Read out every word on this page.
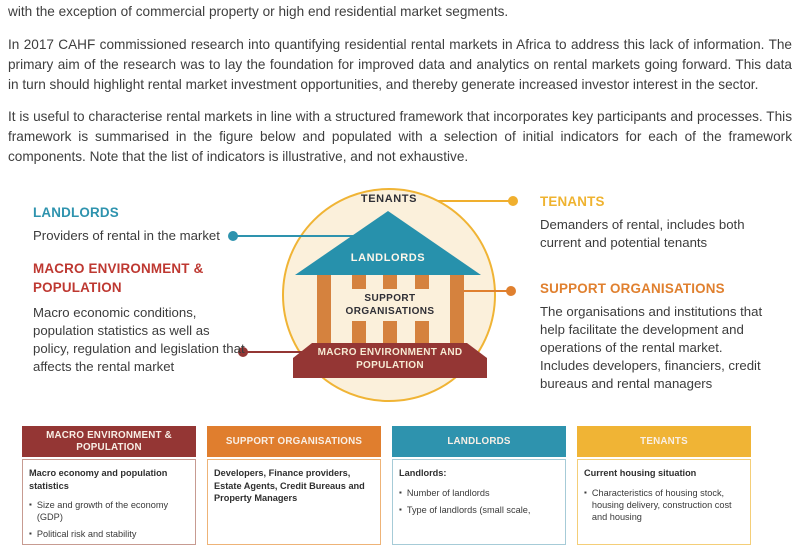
with the exception of commercial property or high end residential market segments.

In 2017 CAHF commissioned research into quantifying residential rental markets in Africa to address this lack of information. The primary aim of the research was to lay the foundation for improved data and analytics on rental markets going forward. This data in turn should highlight rental market investment opportunities, and thereby generate increased investor interest in the sector.

It is useful to characterise rental markets in line with a structured framework that incorporates key participants and processes. This framework is summarised in the figure below and populated with a selection of initial indicators for each of the framework components. Note that the list of indicators is illustrative, and not exhaustive.

TENANTS
LANDLORDS
SUPPORT ORGANISATIONS
MACRO ENVIRONMENT AND POPULATION
LANDLORDS
Providers of rental in the market
MACRO ENVIRONMENT & POPULATION
Macro economic conditions, population statistics as well as policy, regulation and legislation that affects the rental market
TENANTS
Demanders of rental, includes both current and potential tenants
SUPPORT ORGANISATIONS
The organisations and institutions that help facilitate the development and operations of the rental market. Includes developers, financiers, credit bureaus and rental managers
MACRO ENVIRONMENT & POPULATION
Macro economy and population statistics
▪ Size and growth of the economy (GDP)
▪ Political risk and stability
SUPPORT ORGANISATIONS
Developers, Finance providers, Estate Agents, Credit Bureaus and Property Managers
LANDLORDS
Landlords:
▪ Number of landlords
▪ Type of landlords (small scale,
TENANTS
Current housing situation
▪ Characteristics of housing stock, housing delivery, construction cost and housing
